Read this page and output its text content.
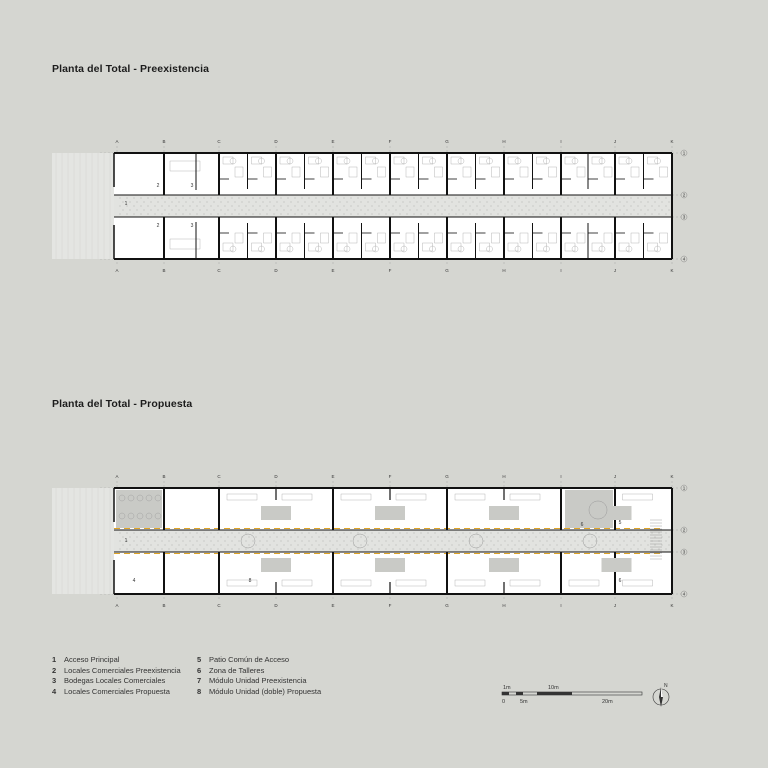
Planta del Total - Preexistencia
A
A
B
B
C
C
D
D
E
E
F
F
G
G
H
H
I
I
J
J
K
K
1
2
3
4
2	3
2	3
1
Planta del Total - Propuesta
A
A
B
B
C
C
D
D
E
E
F
F
G
G
H
H
I
I
J
J
K
K
1
2
3
4
1
4	8
5
6
6
1 Acceso Principal
2 Locales Comerciales Preexistencia
3 Bodegas Locales Comerciales
4 Locales Comerciales Propuesta
5 Patio Común de Acceso
6 Zona de Talleres
7 Módulo Unidad Preexistencia
8 Módulo Unidad (doble) Propuesta	1m	10m
0	5m	20m
N
